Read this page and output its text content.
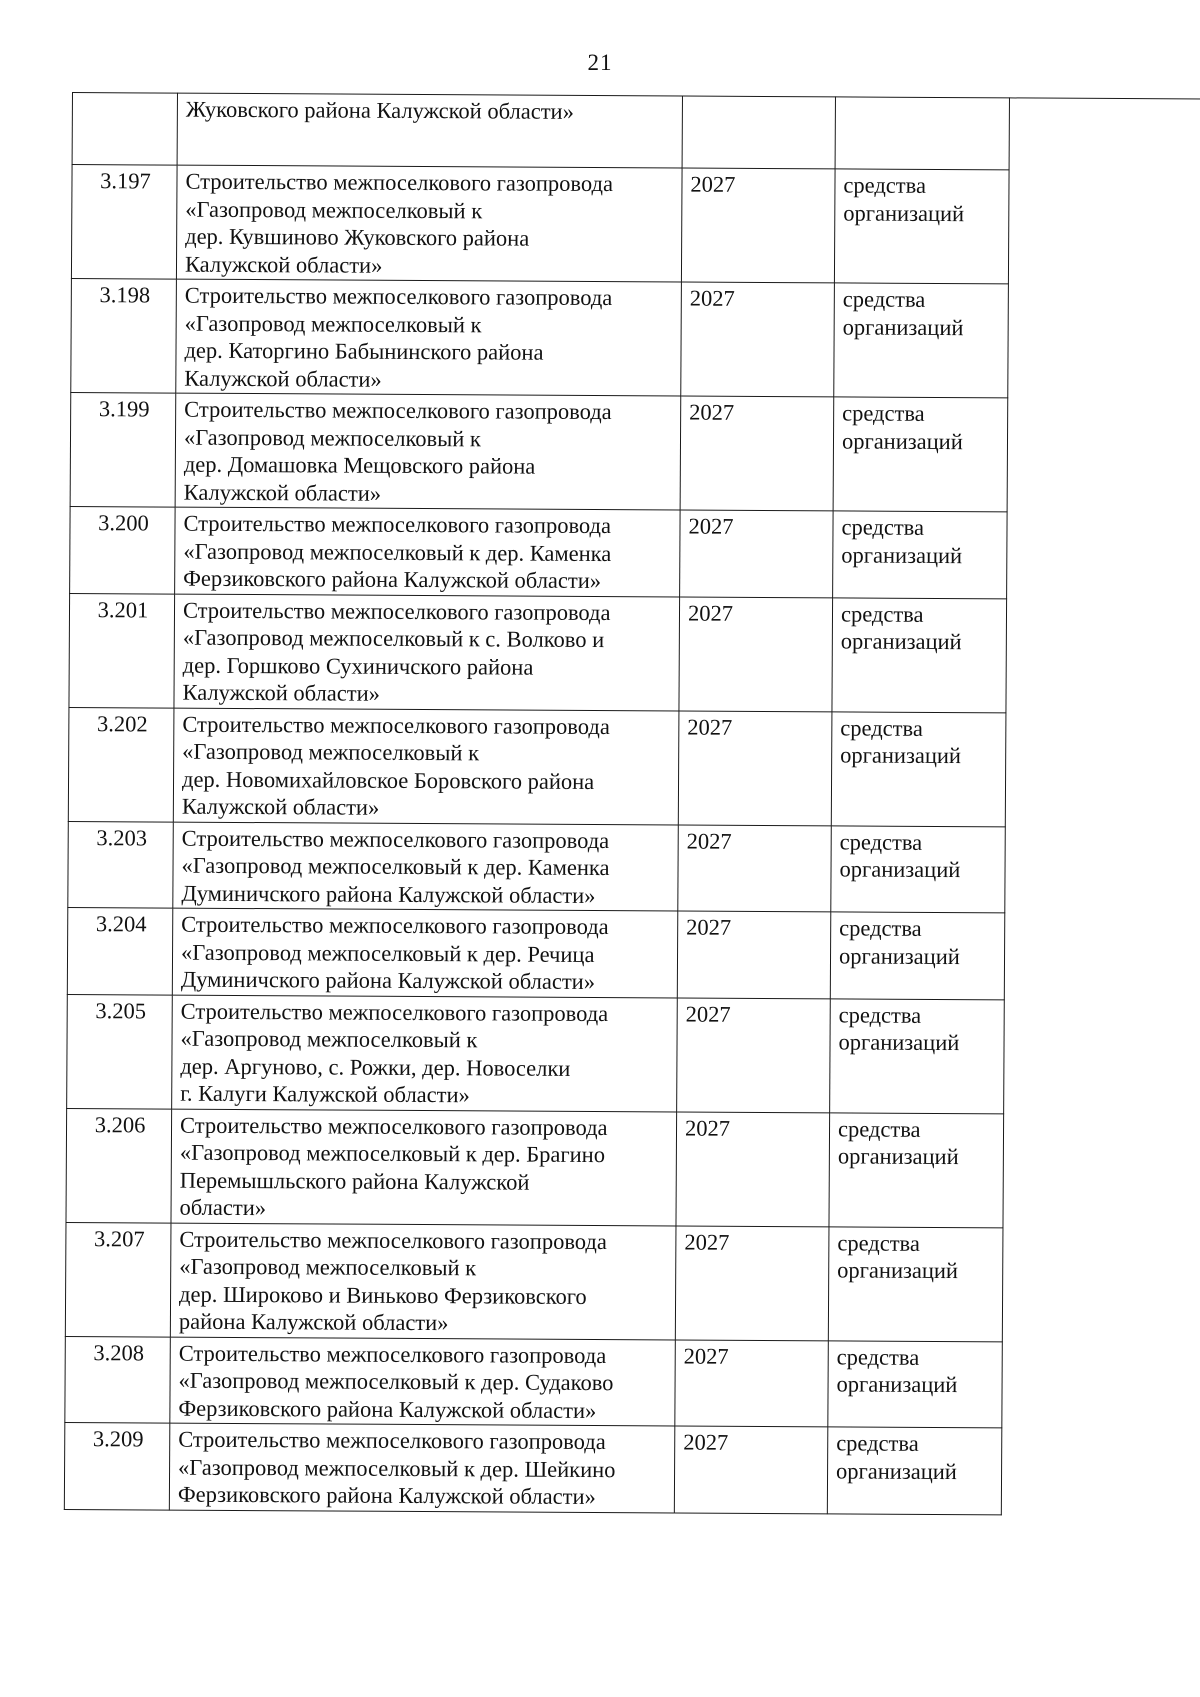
21
	Жуковского района Калужской области»			
3.197	Строительство межпоселкового газопровода
«Газопровод межпоселковый к
дер. Кувшиново Жуковского района
Калужской области»	2027	средства
организаций	

3.198	Строительство межпоселкового газопровода
«Газопровод межпоселковый к
дер. Каторгино Бабынинского района
Калужской области»	2027	средства
организаций	

3.199	Строительство межпоселкового газопровода
«Газопровод межпоселковый к
дер. Домашовка Мещовского района
Калужской области»	2027	средства
организаций	

3.200	Строительство межпоселкового газопровода
«Газопровод межпоселковый к дер. Каменка
Ферзиковского района Калужской области»	2027	средства
организаций	

3.201	Строительство межпоселкового газопровода
«Газопровод межпоселковый к с. Волково и
дер. Горшково Сухиничского района
Калужской области»	2027	средства
организаций	

3.202	Строительство межпоселкового газопровода
«Газопровод межпоселковый к
дер. Новомихайловское Боровского района
Калужской области»	2027	средства
организаций	

3.203	Строительство межпоселкового газопровода
«Газопровод межпоселковый к дер. Каменка
Думиничского района Калужской области»	2027	средства
организаций	

3.204	Строительство межпоселкового газопровода
«Газопровод межпоселковый к дер. Речица
Думиничского района Калужской области»	2027	средства
организаций	

3.205	Строительство межпоселкового газопровода
«Газопровод межпоселковый к
дер. Аргуново, с. Рожки, дер. Новоселки
г. Калуги Калужской области»	2027	средства
организаций	

3.206	Строительство межпоселкового газопровода
«Газопровод межпоселковый к дер. Брагино
Перемышльского района Калужской
области»	2027	средства
организаций	

3.207	Строительство межпоселкового газопровода
«Газопровод межпоселковый к
дер. Широково и Виньково Ферзиковского
района Калужской области»	2027	средства
организаций	

3.208	Строительство межпоселкового газопровода
«Газопровод межпоселковый к дер. Судаково
Ферзиковского района Калужской области»	2027	средства
организаций	

3.209	Строительство межпоселкового газопровода
«Газопровод межпоселковый к дер. Шейкино
Ферзиковского района Калужской области»	2027	средства
организаций	
